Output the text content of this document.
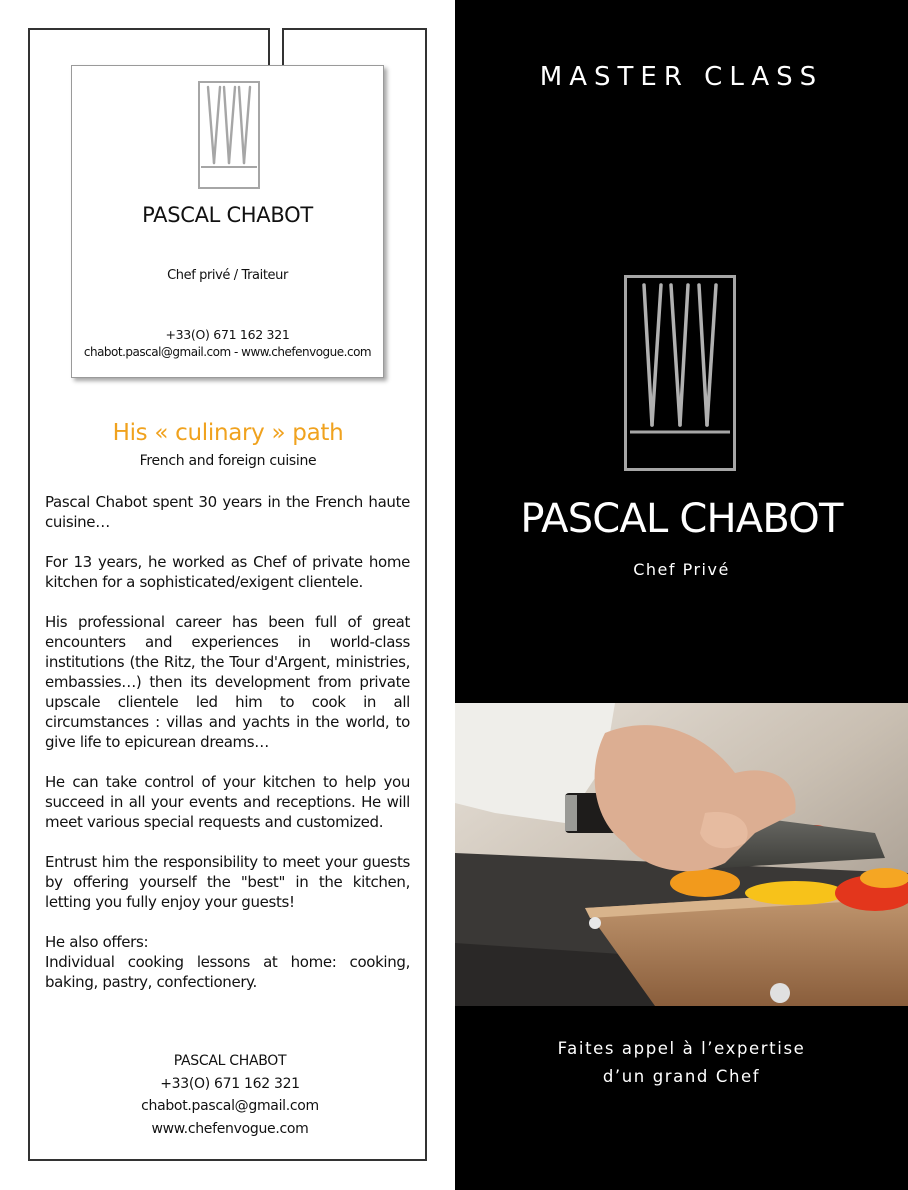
PASCAL CHABOT
Chef privé / Traiteur
+33(O) 671 162 321
chabot.pascal@gmail.com - www.chefenvogue.com
His « culinary » path
French and foreign cuisine

Pascal Chabot spent 30 years in the French haute cuisine…

For 13 years, he worked as Chef of private home kitchen for a sophisticated/exigent clientele.

His professional career has been full of great encounters and experiences in world-class institutions (the Ritz, the Tour d'Argent, ministries, embassies…) then its development from private upscale clientele led him to cook in all circumstances : villas and yachts in the world, to give life to epicurean dreams…

He can take control of your kitchen to help you succeed in all your events and receptions. He will meet various special requests and customized.

Entrust him the responsibility to meet your guests by offering yourself the "best" in the kitchen, letting you fully enjoy your guests!

He also offers:

Individual cooking lessons at home: cooking, baking, pastry, confectionery.

PASCAL CHABOT
+33(O) 671 162 321
chabot.pascal@gmail.com
www.chefenvogue.com
MASTER CLASS
PASCAL CHABOT
Chef Privé
Faites appel à l’expertise
d’un grand Chef
